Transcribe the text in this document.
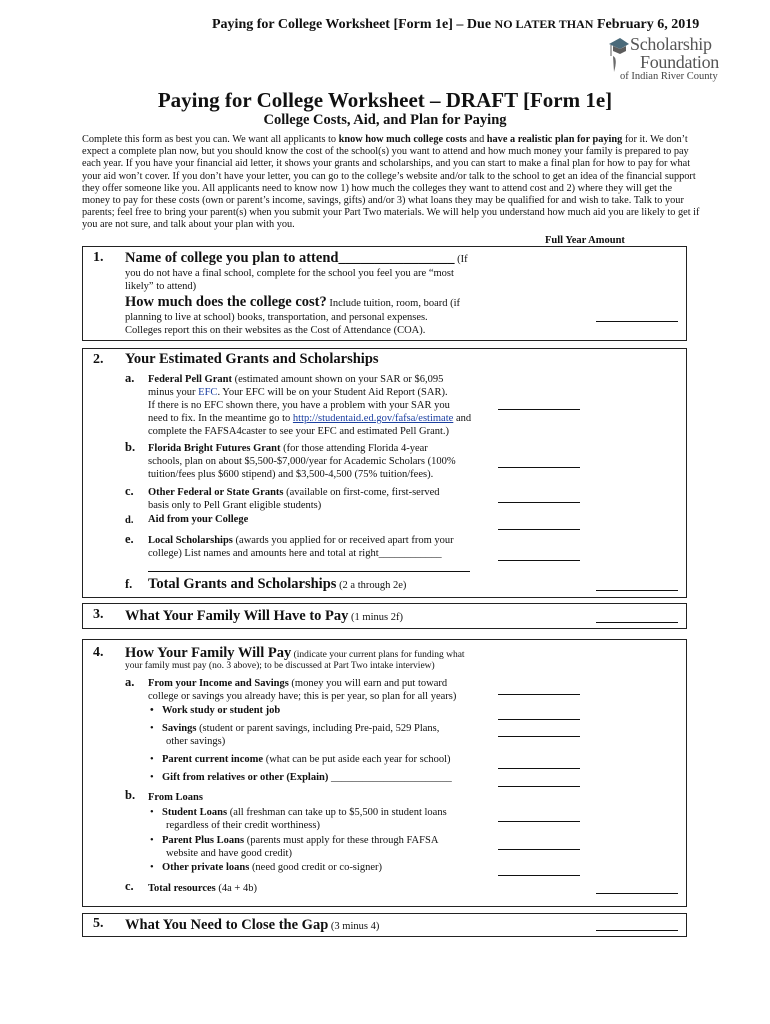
Paying for College Worksheet [Form 1e] – Due NO LATER THAN February 6, 2019
Scholarship
Foundation
of Indian River County
Paying for College Worksheet – DRAFT [Form 1e]
College Costs, Aid, and Plan for Paying
Complete this form as best you can. We want all applicants to know how much college costs and have a realistic plan for paying for it. We don’t expect a complete plan now, but you should know the cost of the school(s) you want to attend and how much money your family is prepared to pay each year. If you have your financial aid letter, it shows your grants and scholarships, and you can start to make a final plan for how to pay for what your aid won’t cover. If you don’t have your letter, you can go to the college’s website and/or talk to the school to get an idea of the financial support they offer someone like you. All applicants need to know now 1) how much the colleges they want to attend cost and 2) where they will get the money to pay for these costs (own or parent’s income, savings, gifts) and/or 3) what loans they may be qualified for and wish to take. Talk to your parents; feel free to bring your parent(s) when you submit your Part Two materials. We will help you understand how much aid you are likely to get if you are not sure, and talk about your plan with you.
Full Year Amount
1. Name of college you plan to attend________________ (If
you do not have a final school, complete for the school you feel you are “most
likely” to attend)
How much does the college cost? Include tuition, room, board (if
planning to live at school) books, transportation, and personal expenses.
Colleges report this on their websites as the Cost of Attendance (COA).
2. Your Estimated Grants and Scholarships
a. Federal Pell Grant (estimated amount shown on your SAR or $6,095
minus your EFC. Your EFC will be on your Student Aid Report (SAR).
If there is no EFC shown there, you have a problem with your SAR you
need to fix. In the meantime go to http://studentaid.ed.gov/fafsa/estimate and
complete the FAFSA4caster to see your EFC and estimated Pell Grant.)
b. Florida Bright Futures Grant (for those attending Florida 4-year
schools, plan on about $5,500-$7,000/year for Academic Scholars (100%
tuition/fees plus $600 stipend) and $3,500-4,500 (75% tuition/fees).
c. Other Federal or State Grants (available on first-come, first-served
basis only to Pell Grant eligible students)
d. Aid from your College
e. Local Scholarships (awards you applied for or received apart from your
college) List names and amounts here and total at right____________
f. Total Grants and Scholarships (2 a through 2e)
3. What Your Family Will Have to Pay (1 minus 2f)
4. How Your Family Will Pay (indicate your current plans for funding what
your family must pay (no. 3 above); to be discussed at Part Two intake interview)
a. From your Income and Savings (money you will earn and put toward
college or savings you already have; this is per year, so plan for all years)
• Work study or student job
• Savings (student or parent savings, including Pre-paid, 529 Plans,
other savings)
• Parent current income (what can be put aside each year for school)
• Gift from relatives or other (Explain) _______________________
b. From Loans
• Student Loans (all freshman can take up to $5,500 in student loans
regardless of their credit worthiness)
• Parent Plus Loans (parents must apply for these through FAFSA
website and have good credit)
• Other private loans (need good credit or co-signer)
c. Total resources (4a + 4b)
5. What You Need to Close the Gap (3 minus 4)
